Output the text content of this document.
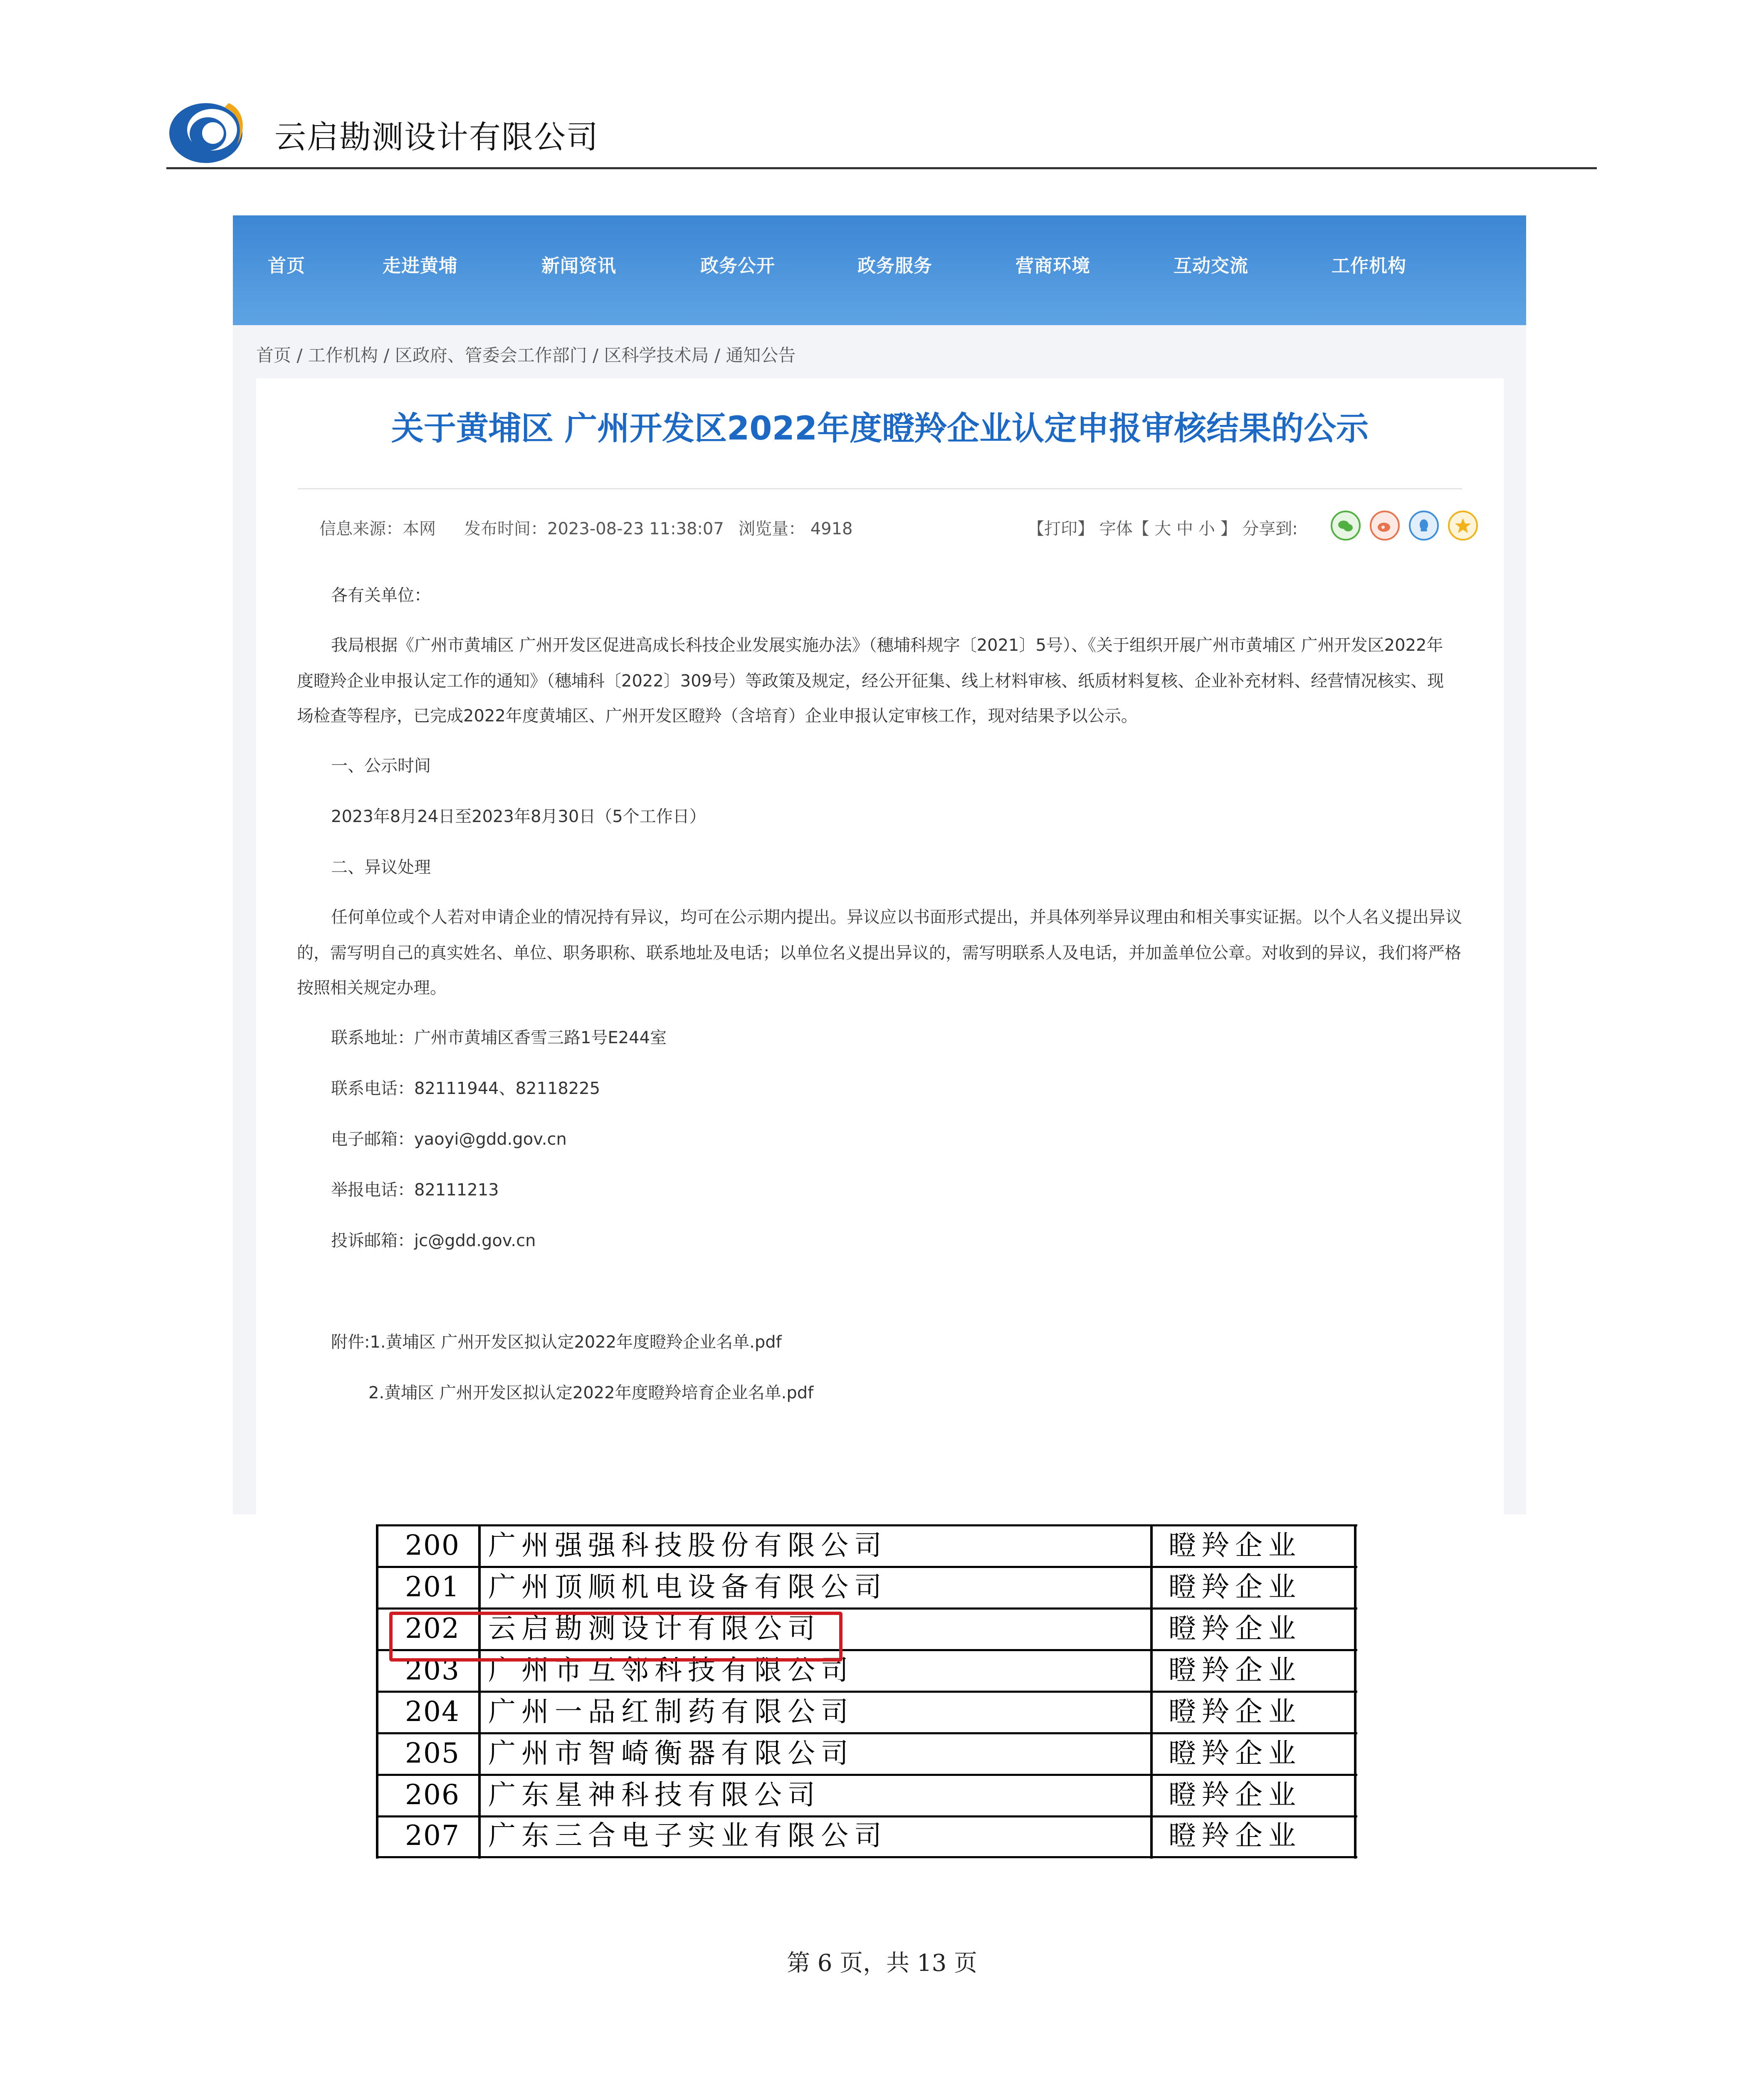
云启勘测设计有限公司
首页	走进黄埔	新闻资讯	政务公开	政务服务	营商环境	互动交流	工作机构
首页 / 工作机构 / 区政府、管委会工作部门 / 区科学技术局 / 通知公告
关于黄埔区 广州开发区2022年度瞪羚企业认定申报审核结果的公示
信息来源：本网 发布时间：2023-08-23 11:38:07 浏览量： 4918	【打印】 字体【 大 中 小 】 分享到:
各有关单位：
我局根据《广州市黄埔区 广州开发区促进高成长科技企业发展实施办法》（穗埔科规字〔2021〕5号）、《关于组织开展广州市黄埔区 广州开发区2022年
度瞪羚企业申报认定工作的通知》（穗埔科〔2022〕309号）等政策及规定，经公开征集、线上材料审核、纸质材料复核、企业补充材料、经营情况核实、现
场检查等程序，已完成2022年度黄埔区、广州开发区瞪羚（含培育）企业申报认定审核工作，现对结果予以公示。
一、公示时间
2023年8月24日至2023年8月30日（5个工作日）
二、异议处理
任何单位或个人若对申请企业的情况持有异议，均可在公示期内提出。异议应以书面形式提出，并具体列举异议理由和相关事实证据。以个人名义提出异议
的，需写明自己的真实姓名、单位、职务职称、联系地址及电话；以单位名义提出异议的，需写明联系人及电话，并加盖单位公章。对收到的异议，我们将严格
按照相关规定办理。
联系地址：广州市黄埔区香雪三路1号E244室
联系电话：82111944、82118225
电子邮箱：yaoyi@gdd.gov.cn
举报电话：82111213
投诉邮箱：jc@gdd.gov.cn
附件:1.黄埔区 广州开发区拟认定2022年度瞪羚企业名单.pdf
2.黄埔区 广州开发区拟认定2022年度瞪羚培育企业名单.pdf
200 广州强强科技股份有限公司	瞪羚企业
201 广州顶顺机电设备有限公司	瞪羚企业
202 云启勘测设计有限公司	瞪羚企业
203 广州市互邻科技有限公司	瞪羚企业
204 广州一品红制药有限公司	瞪羚企业
205 广州市智崎衡器有限公司	瞪羚企业
206 广东星神科技有限公司	瞪羚企业
207 广东三合电子实业有限公司	瞪羚企业
第 6 页，共 13 页
